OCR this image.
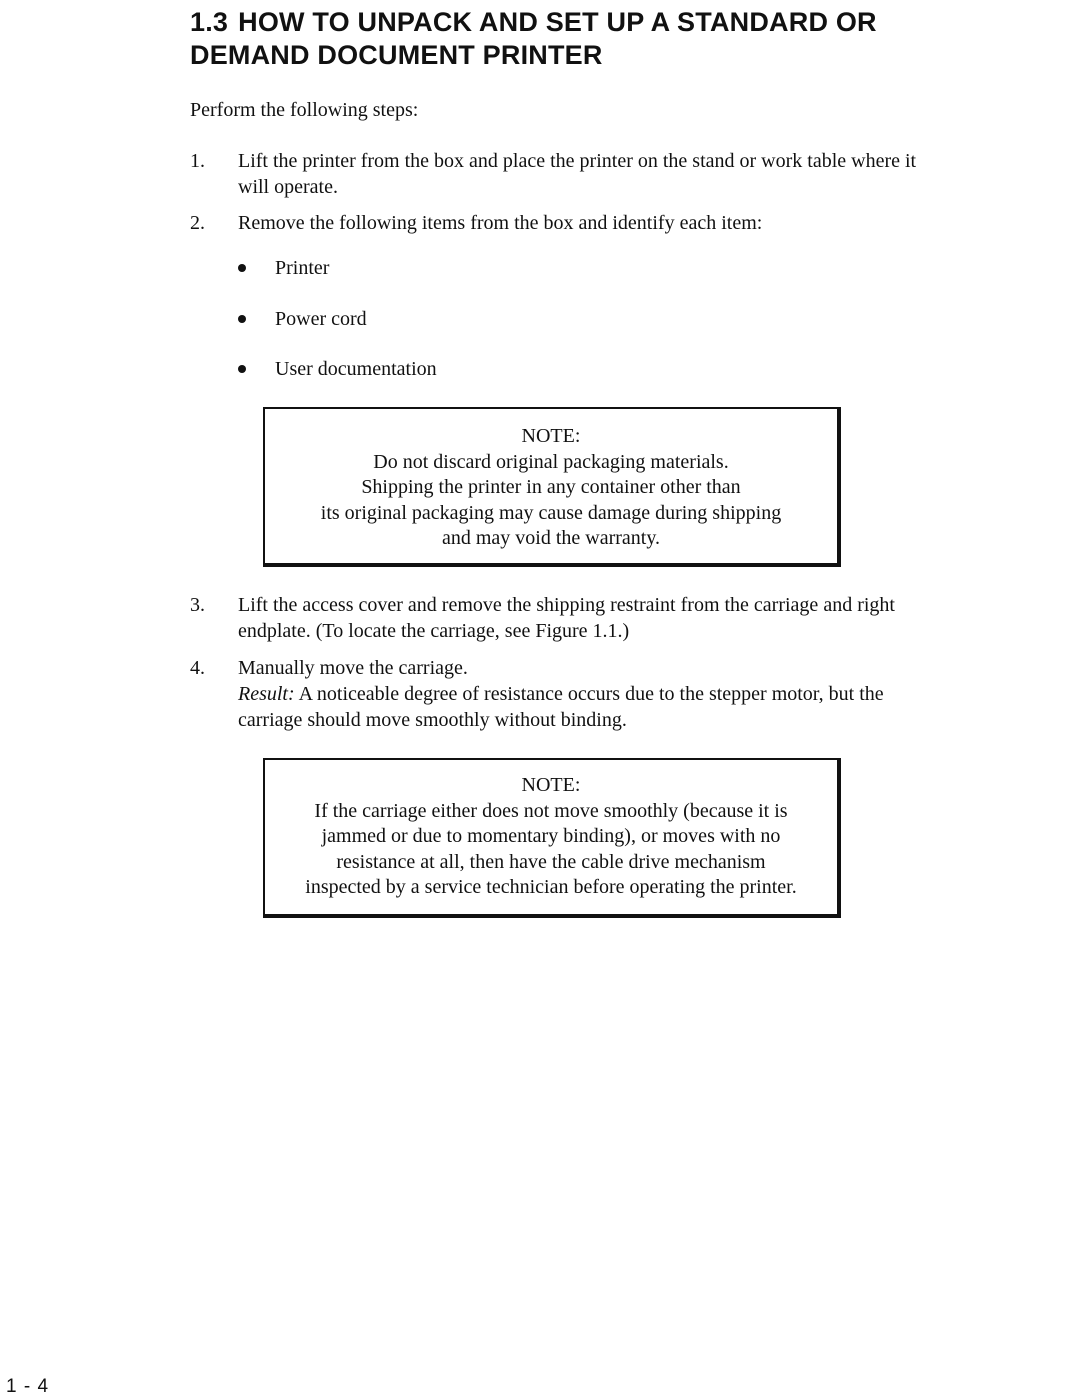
1.3 HOW TO UNPACK AND SET UP A STANDARD OR DEMAND DOCUMENT PRINTER

Perform the following steps:

1. Lift the printer from the box and place the printer on the stand or work table where it will operate.
2. Remove the following items from the box and identify each item:
Printer
Power cord
User documentation
NOTE:
Do not discard original packaging materials.
Shipping the printer in any container other than
its original packaging may cause damage during shipping
and may void the warranty.
3. Lift the access cover and remove the shipping restraint from the carriage and right endplate. (To locate the carriage, see Figure 1.1.)
4. Manually move the carriage.
Result: A noticeable degree of resistance occurs due to the stepper motor, but the carriage should move smoothly without binding.
NOTE:
If the carriage either does not move smoothly (because it is
jammed or due to momentary binding), or moves with no
resistance at all, then have the cable drive mechanism
inspected by a service technician before operating the printer.
1 - 4
